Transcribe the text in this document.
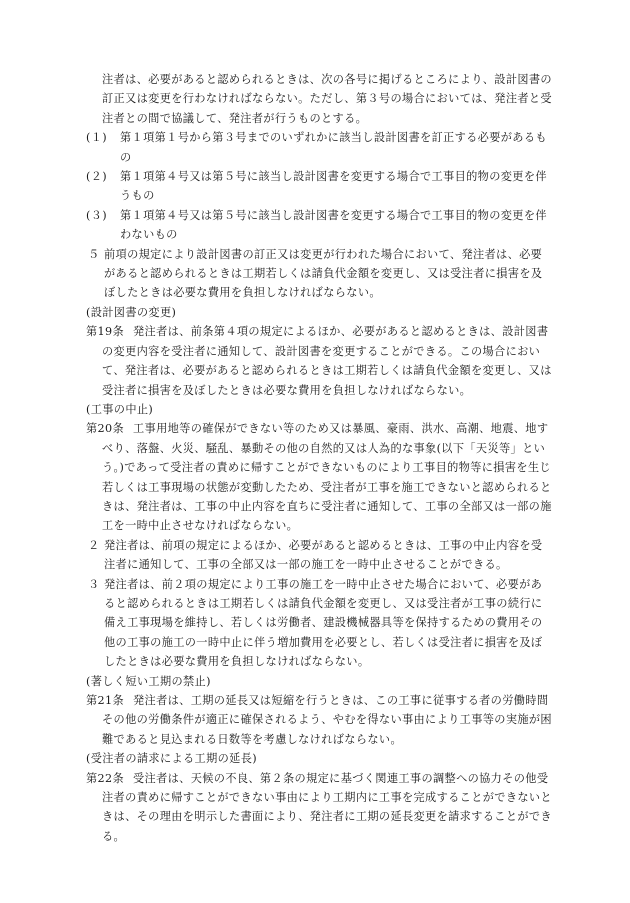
注者は、必要があると認められるときは、次の各号に掲げるところにより、設計図書の訂正又は変更を行わなければならない。ただし、第３号の場合においては、発注者と受注者との間で協議して、発注者が行うものとする。

(１) 第１項第１号から第３号までのいずれかに該当し設計図書を訂正する必要があるもの
(２) 第１項第４号又は第５号に該当し設計図書を変更する場合で工事目的物の変更を伴うもの
(３) 第１項第４号又は第５号に該当し設計図書を変更する場合で工事目的物の変更を伴わないもの
５ 前項の規定により設計図書の訂正又は変更が行われた場合において、発注者は、必要があると認められるときは工期若しくは請負代金額を変更し、又は受注者に損害を及ぼしたときは必要な費用を負担しなければならない。

(設計図書の変更)

第19条 発注者は、前条第４項の規定によるほか、必要があると認めるときは、設計図書の変更内容を受注者に通知して、設計図書を変更することができる。この場合において、発注者は、必要があると認められるときは工期若しくは請負代金額を変更し、又は受注者に損害を及ぼしたときは必要な費用を負担しなければならない。

(工事の中止)

第20条 工事用地等の確保ができない等のため又は暴風、豪雨、洪水、高潮、地震、地すべり、落盤、火災、騒乱、暴動その他の自然的又は人為的な事象(以下「天災等」という。)であって受注者の責めに帰すことができないものにより工事目的物等に損害を生じ若しくは工事現場の状態が変動したため、受注者が工事を施工できないと認められるときは、発注者は、工事の中止内容を直ちに受注者に通知して、工事の全部又は一部の施工を一時中止させなければならない。
２ 発注者は、前項の規定によるほか、必要があると認めるときは、工事の中止内容を受注者に通知して、工事の全部又は一部の施工を一時中止させることができる。
３ 発注者は、前２項の規定により工事の施工を一時中止させた場合において、必要があると認められるときは工期若しくは請負代金額を変更し、又は受注者が工事の続行に備え工事現場を維持し、若しくは労働者、建設機械器具等を保持するための費用その他の工事の施工の一時中止に伴う増加費用を必要とし、若しくは受注者に損害を及ぼしたときは必要な費用を負担しなければならない。

(著しく短い工期の禁止)

第21条 発注者は、工期の延長又は短縮を行うときは、この工事に従事する者の労働時間その他の労働条件が適正に確保されるよう、やむを得ない事由により工事等の実施が困難であると見込まれる日数等を考慮しなければならない。

(受注者の請求による工期の延長)

第22条 受注者は、天候の不良、第２条の規定に基づく関連工事の調整への協力その他受注者の責めに帰すことができない事由により工期内に工事を完成することができないときは、その理由を明示した書面により、発注者に工期の延長変更を請求することができる。
